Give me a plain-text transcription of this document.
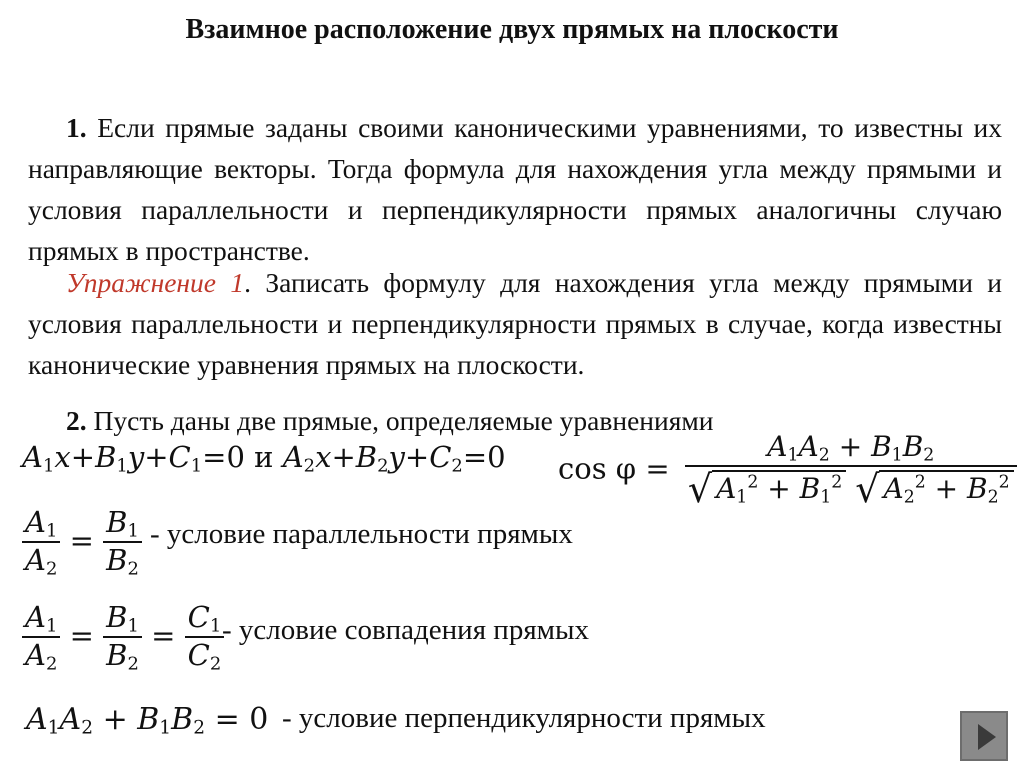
Взаимное расположение двух прямых на плоскости
1. Если прямые заданы своими каноническими уравнениями, то известны их направляющие векторы. Тогда формула для нахождения угла между прямыми и условия параллельности и перпендикулярности прямых аналогичны случаю прямых в пространстве.
Упражнение 1. Записать формулу для нахождения угла между прямыми и условия параллельности и перпендикулярности прямых в случае, когда известны канонические уравнения прямых на плоскости.
2. Пусть даны две прямые, определяемые уравнениями
$A_1x+B_1y+C_1=0$ и $A_2x+B_2y+C_2=0$ $\cos \varphi = \frac{A_1A_2 + B_1B_2}{√ A_1^2 + B_1^2 √ A_2^2 + B_2^2}$
$\frac{A_1}{A_2} = \frac{B_1}{B_2}$ - условие параллельности прямых
$\frac{A_1}{A_2} = \frac{B_1}{B_2} = \frac{C_1}{C_2}$
- условие совпадения прямых
$A_1A_2 + B_1B_2 = 0$ - условие перпендикулярности прямых
